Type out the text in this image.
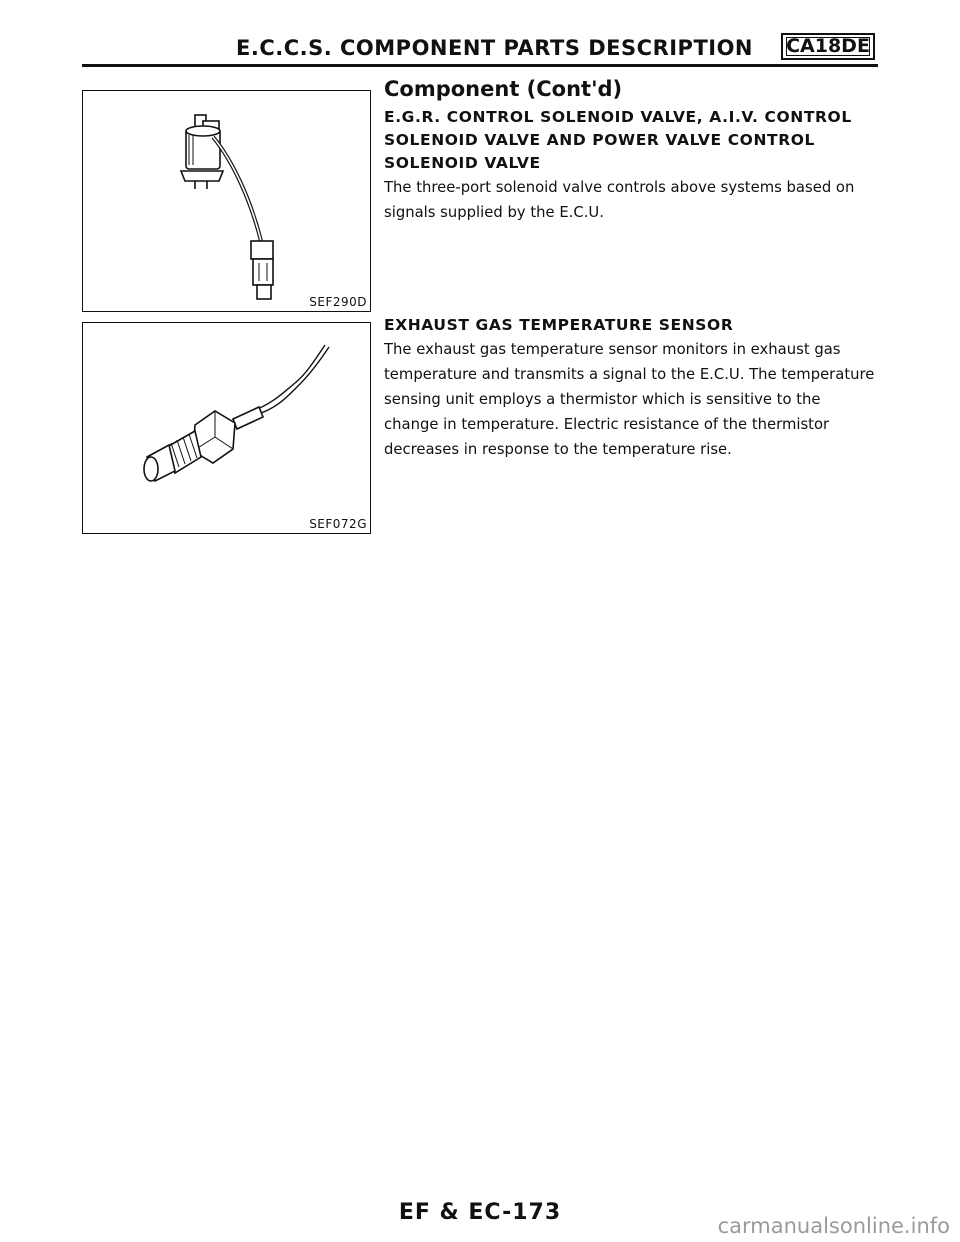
E.C.C.S. COMPONENT PARTS DESCRIPTION CA18DE
SEF290D
SEF072G
Component (Cont'd)

E.G.R. CONTROL SOLENOID VALVE, A.I.V. CONTROL

SOLENOID VALVE AND POWER VALVE CONTROL

SOLENOID VALVE

The three-port solenoid valve controls above systems based on

signals supplied by the E.C.U.

EXHAUST GAS TEMPERATURE SENSOR

The exhaust gas temperature sensor monitors in exhaust gas

temperature and transmits a signal to the E.C.U. The temperature

sensing unit employs a thermistor which is sensitive to the

change in temperature. Electric resistance of the thermistor

decreases in response to the temperature rise.

EF & EC-173
carmanualsonline.info
